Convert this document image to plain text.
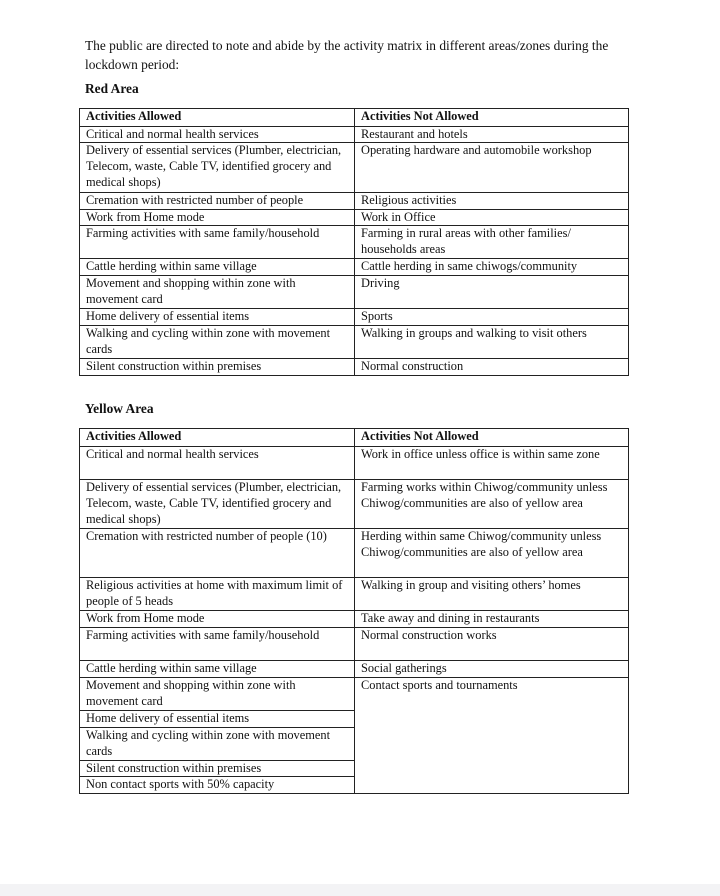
The public are directed to note and abide by the activity matrix in different areas/zones during the lockdown period:
Red Area
Activities Allowed
Critical and normal health services
Delivery of essential services (Plumber, electrician, Telecom, waste, Cable TV, identified grocery and medical shops)
Cremation with restricted number of people
Work from Home mode
Farming activities with same family/household
Cattle herding within same village
Movement and shopping within zone with movement card
Home delivery of essential items
Walking and cycling within zone with movement cards
Silent construction within premises
Activities Not Allowed
Restaurant and hotels
Operating hardware and automobile workshop
Religious activities
Work in Office
Farming in rural areas with other families/ households areas
Cattle herding in same chiwogs/community
Driving
Sports
Walking in groups and walking to visit others
Normal construction
Yellow Area
Activities Allowed
Critical and normal health services
Delivery of essential services (Plumber, electrician, Telecom, waste, Cable TV, identified grocery and medical shops)
Cremation with restricted number of people (10)
Religious activities at home with maximum limit of people of 5 heads
Work from Home mode
Farming activities with same family/household
Cattle herding within same village
Movement and shopping within zone with movement card
Home delivery of essential items
Walking and cycling within zone with movement cards
Silent construction within premises
Non contact sports with 50% capacity
Activities Not Allowed
Work in office unless office is within same zone
Farming works within Chiwog/community unless Chiwog/communities are also of yellow area
Herding within same Chiwog/community unless Chiwog/communities are also of yellow area
Walking in group and visiting others’ homes
Take away and dining in restaurants
Normal construction works
Social gatherings
Contact sports and tournaments
